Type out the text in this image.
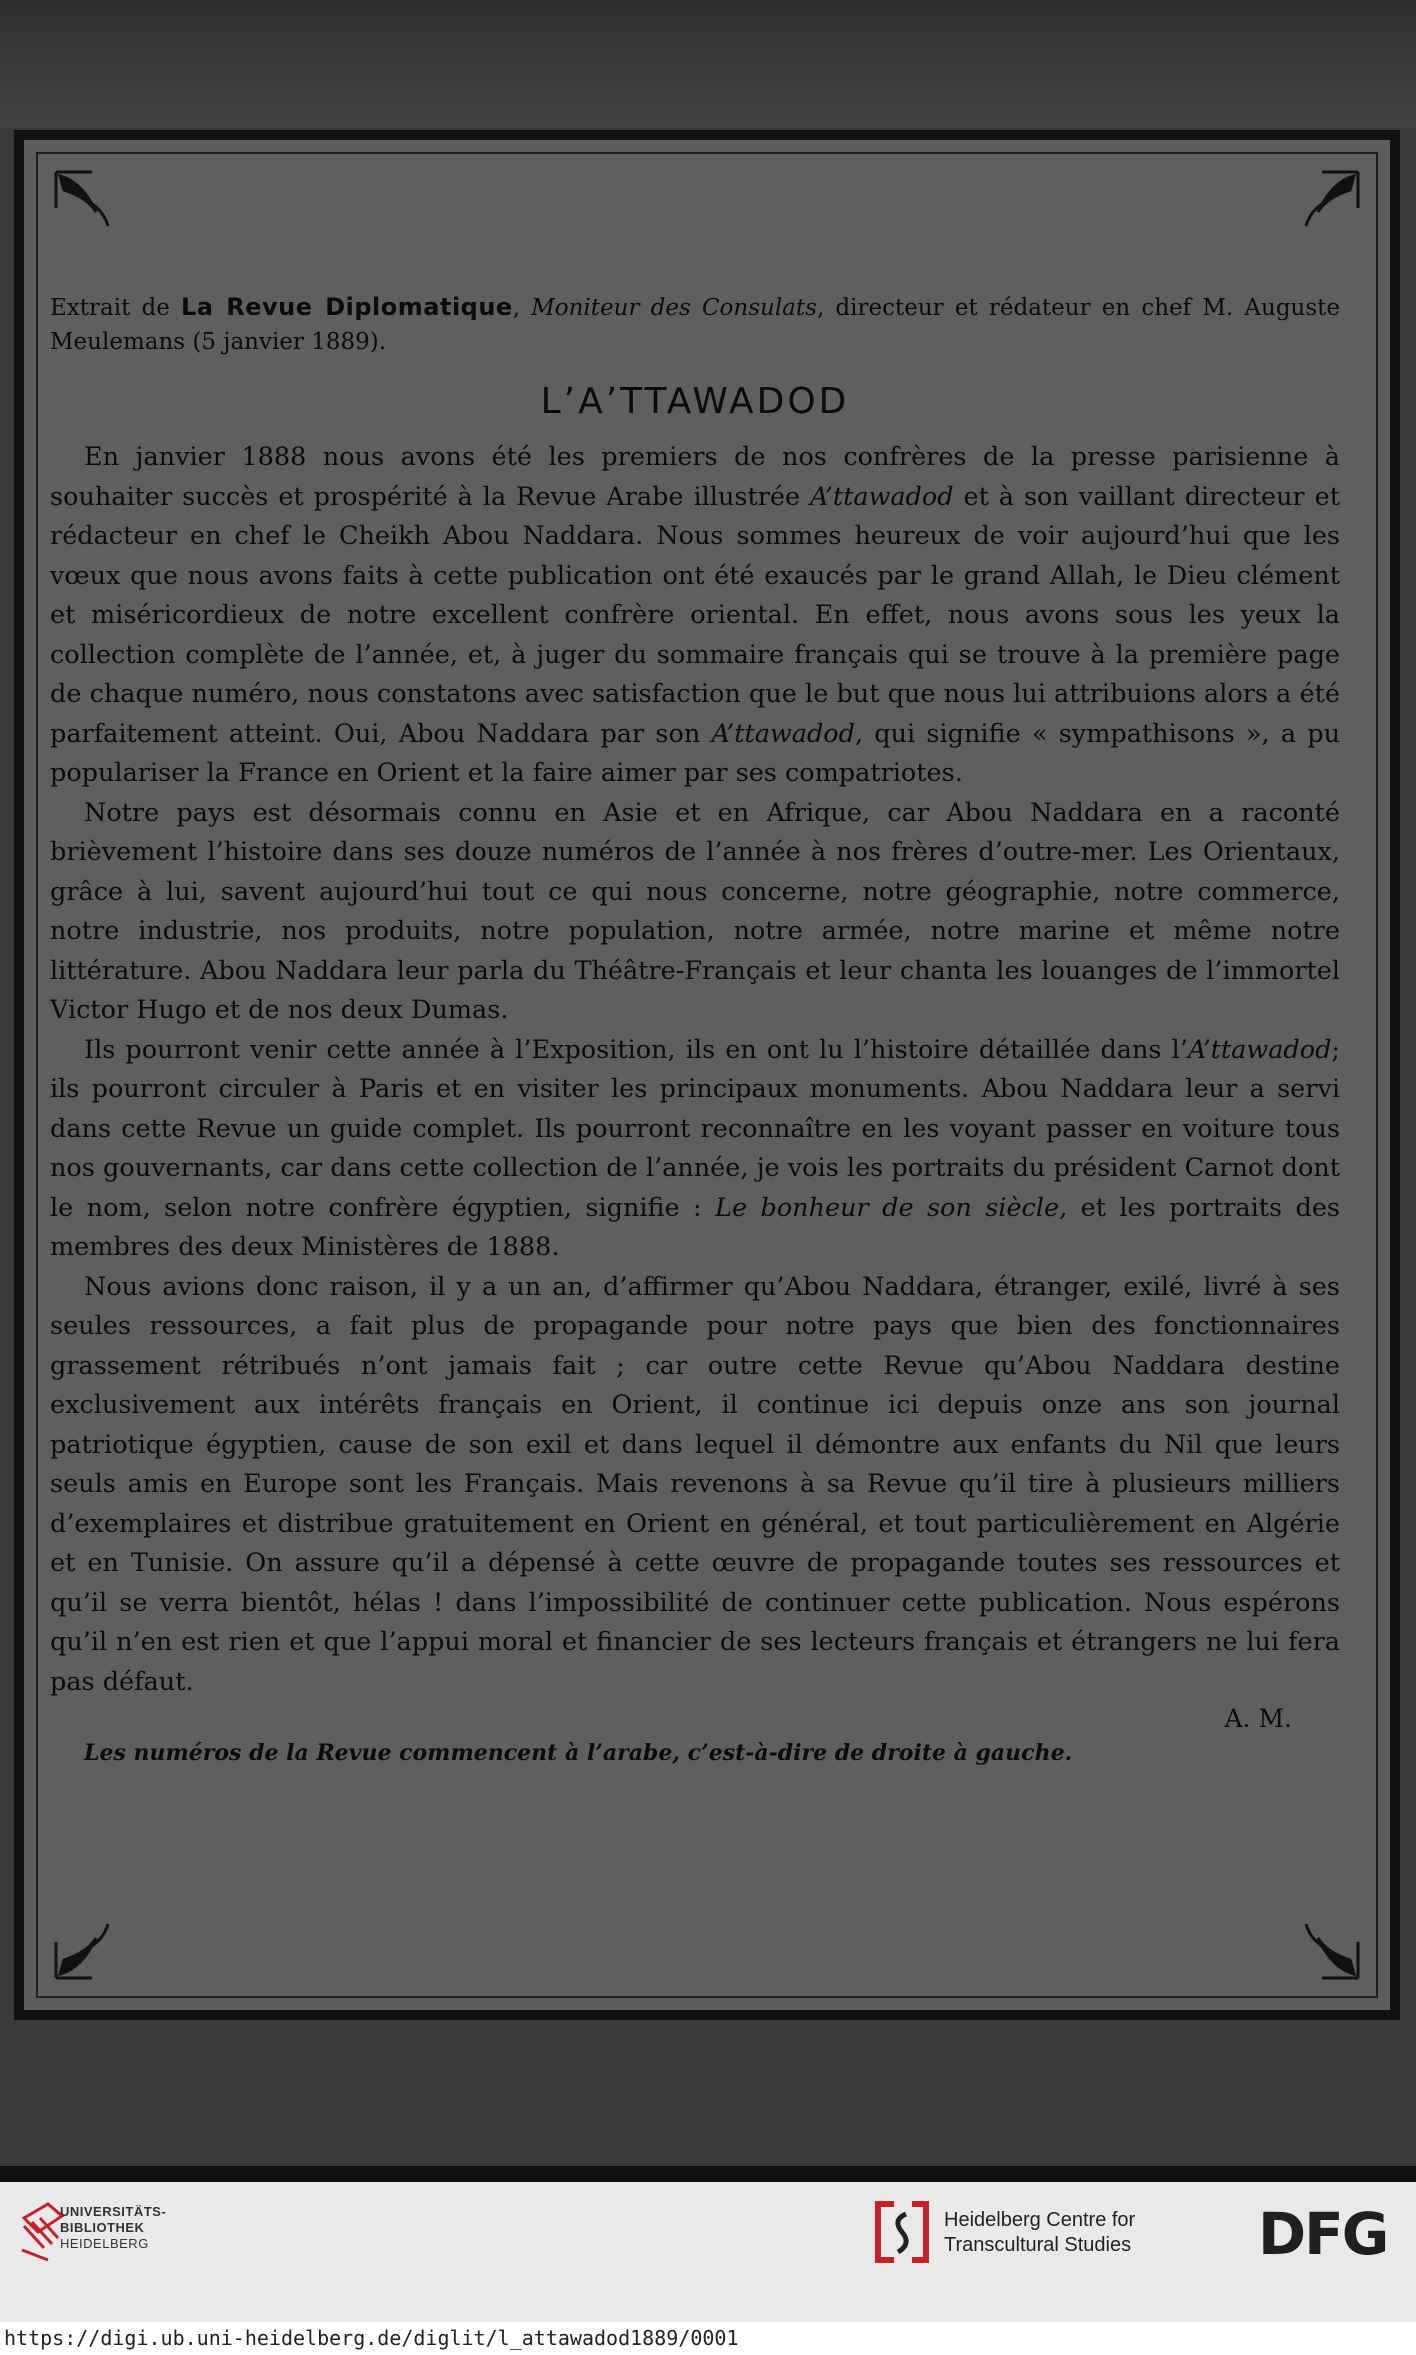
Extrait de La Revue Diplomatique, Moniteur des Consulats, directeur et rédateur en chef M. Auguste Meulemans (5 janvier 1889).

L’A’TTAWADOD

En janvier 1888 nous avons été les premiers de nos confrères de la presse parisienne à souhaiter succès et prospérité à la Revue Arabe illustrée A’ttawadod et à son vaillant directeur et rédacteur en chef le Cheikh Abou Naddara. Nous sommes heureux de voir aujourd’hui que les vœux que nous avons faits à cette publication ont été exaucés par le grand Allah, le Dieu clément et miséricordieux de notre excellent confrère oriental. En effet, nous avons sous les yeux la collection complète de l’année, et, à juger du sommaire français qui se trouve à la première page de chaque numéro, nous constatons avec satisfaction que le but que nous lui attribuions alors a été parfaitement atteint. Oui, Abou Naddara par son A’ttawadod, qui signifie « sympathisons », a pu populariser la France en Orient et la faire aimer par ses compatriotes.

Notre pays est désormais connu en Asie et en Afrique, car Abou Naddara en a raconté brièvement l’histoire dans ses douze numéros de l’année à nos frères d’outre-mer. Les Orientaux, grâce à lui, savent aujourd’hui tout ce qui nous concerne, notre géographie, notre commerce, notre industrie, nos produits, notre population, notre armée, notre marine et même notre littérature. Abou Naddara leur parla du Théâtre-Français et leur chanta les louanges de l’immortel Victor Hugo et de nos deux Dumas.

Ils pourront venir cette année à l’Exposition, ils en ont lu l’histoire détaillée dans l’A’ttawadod; ils pourront circuler à Paris et en visiter les principaux monuments. Abou Naddara leur a servi dans cette Revue un guide complet. Ils pourront reconnaître en les voyant passer en voiture tous nos gouvernants, car dans cette collection de l’année, je vois les portraits du président Carnot dont le nom, selon notre confrère égyptien, signifie : Le bonheur de son siècle, et les portraits des membres des deux Ministères de 1888.

Nous avions donc raison, il y a un an, d’affirmer qu’Abou Naddara, étranger, exilé, livré à ses seules ressources, a fait plus de propagande pour notre pays que bien des fonctionnaires grassement rétribués n’ont jamais fait ; car outre cette Revue qu’Abou Naddara destine exclusivement aux intérêts français en Orient, il continue ici depuis onze ans son journal patriotique égyptien, cause de son exil et dans lequel il démontre aux enfants du Nil que leurs seuls amis en Europe sont les Français. Mais revenons à sa Revue qu’il tire à plusieurs milliers d’exemplaires et distribue gratuitement en Orient en général, et tout particulièrement en Algérie et en Tunisie. On assure qu’il a dépensé à cette œuvre de propagande toutes ses ressources et qu’il se verra bientôt, hélas ! dans l’impossibilité de continuer cette publication. Nous espérons qu’il n’en est rien et que l’appui moral et financier de ses lecteurs français et étrangers ne lui fera pas défaut.

A. M.

Les numéros de la Revue commencent à l’arabe, c’est-à-dire de droite à gauche.

UNIVERSITÄTS-
BIBLIOTHEK
HEIDELBERG
Heidelberg Centre for
Transcultural Studies DFG
https://digi.ub.uni-heidelberg.de/diglit/l_attawadod1889/0001
